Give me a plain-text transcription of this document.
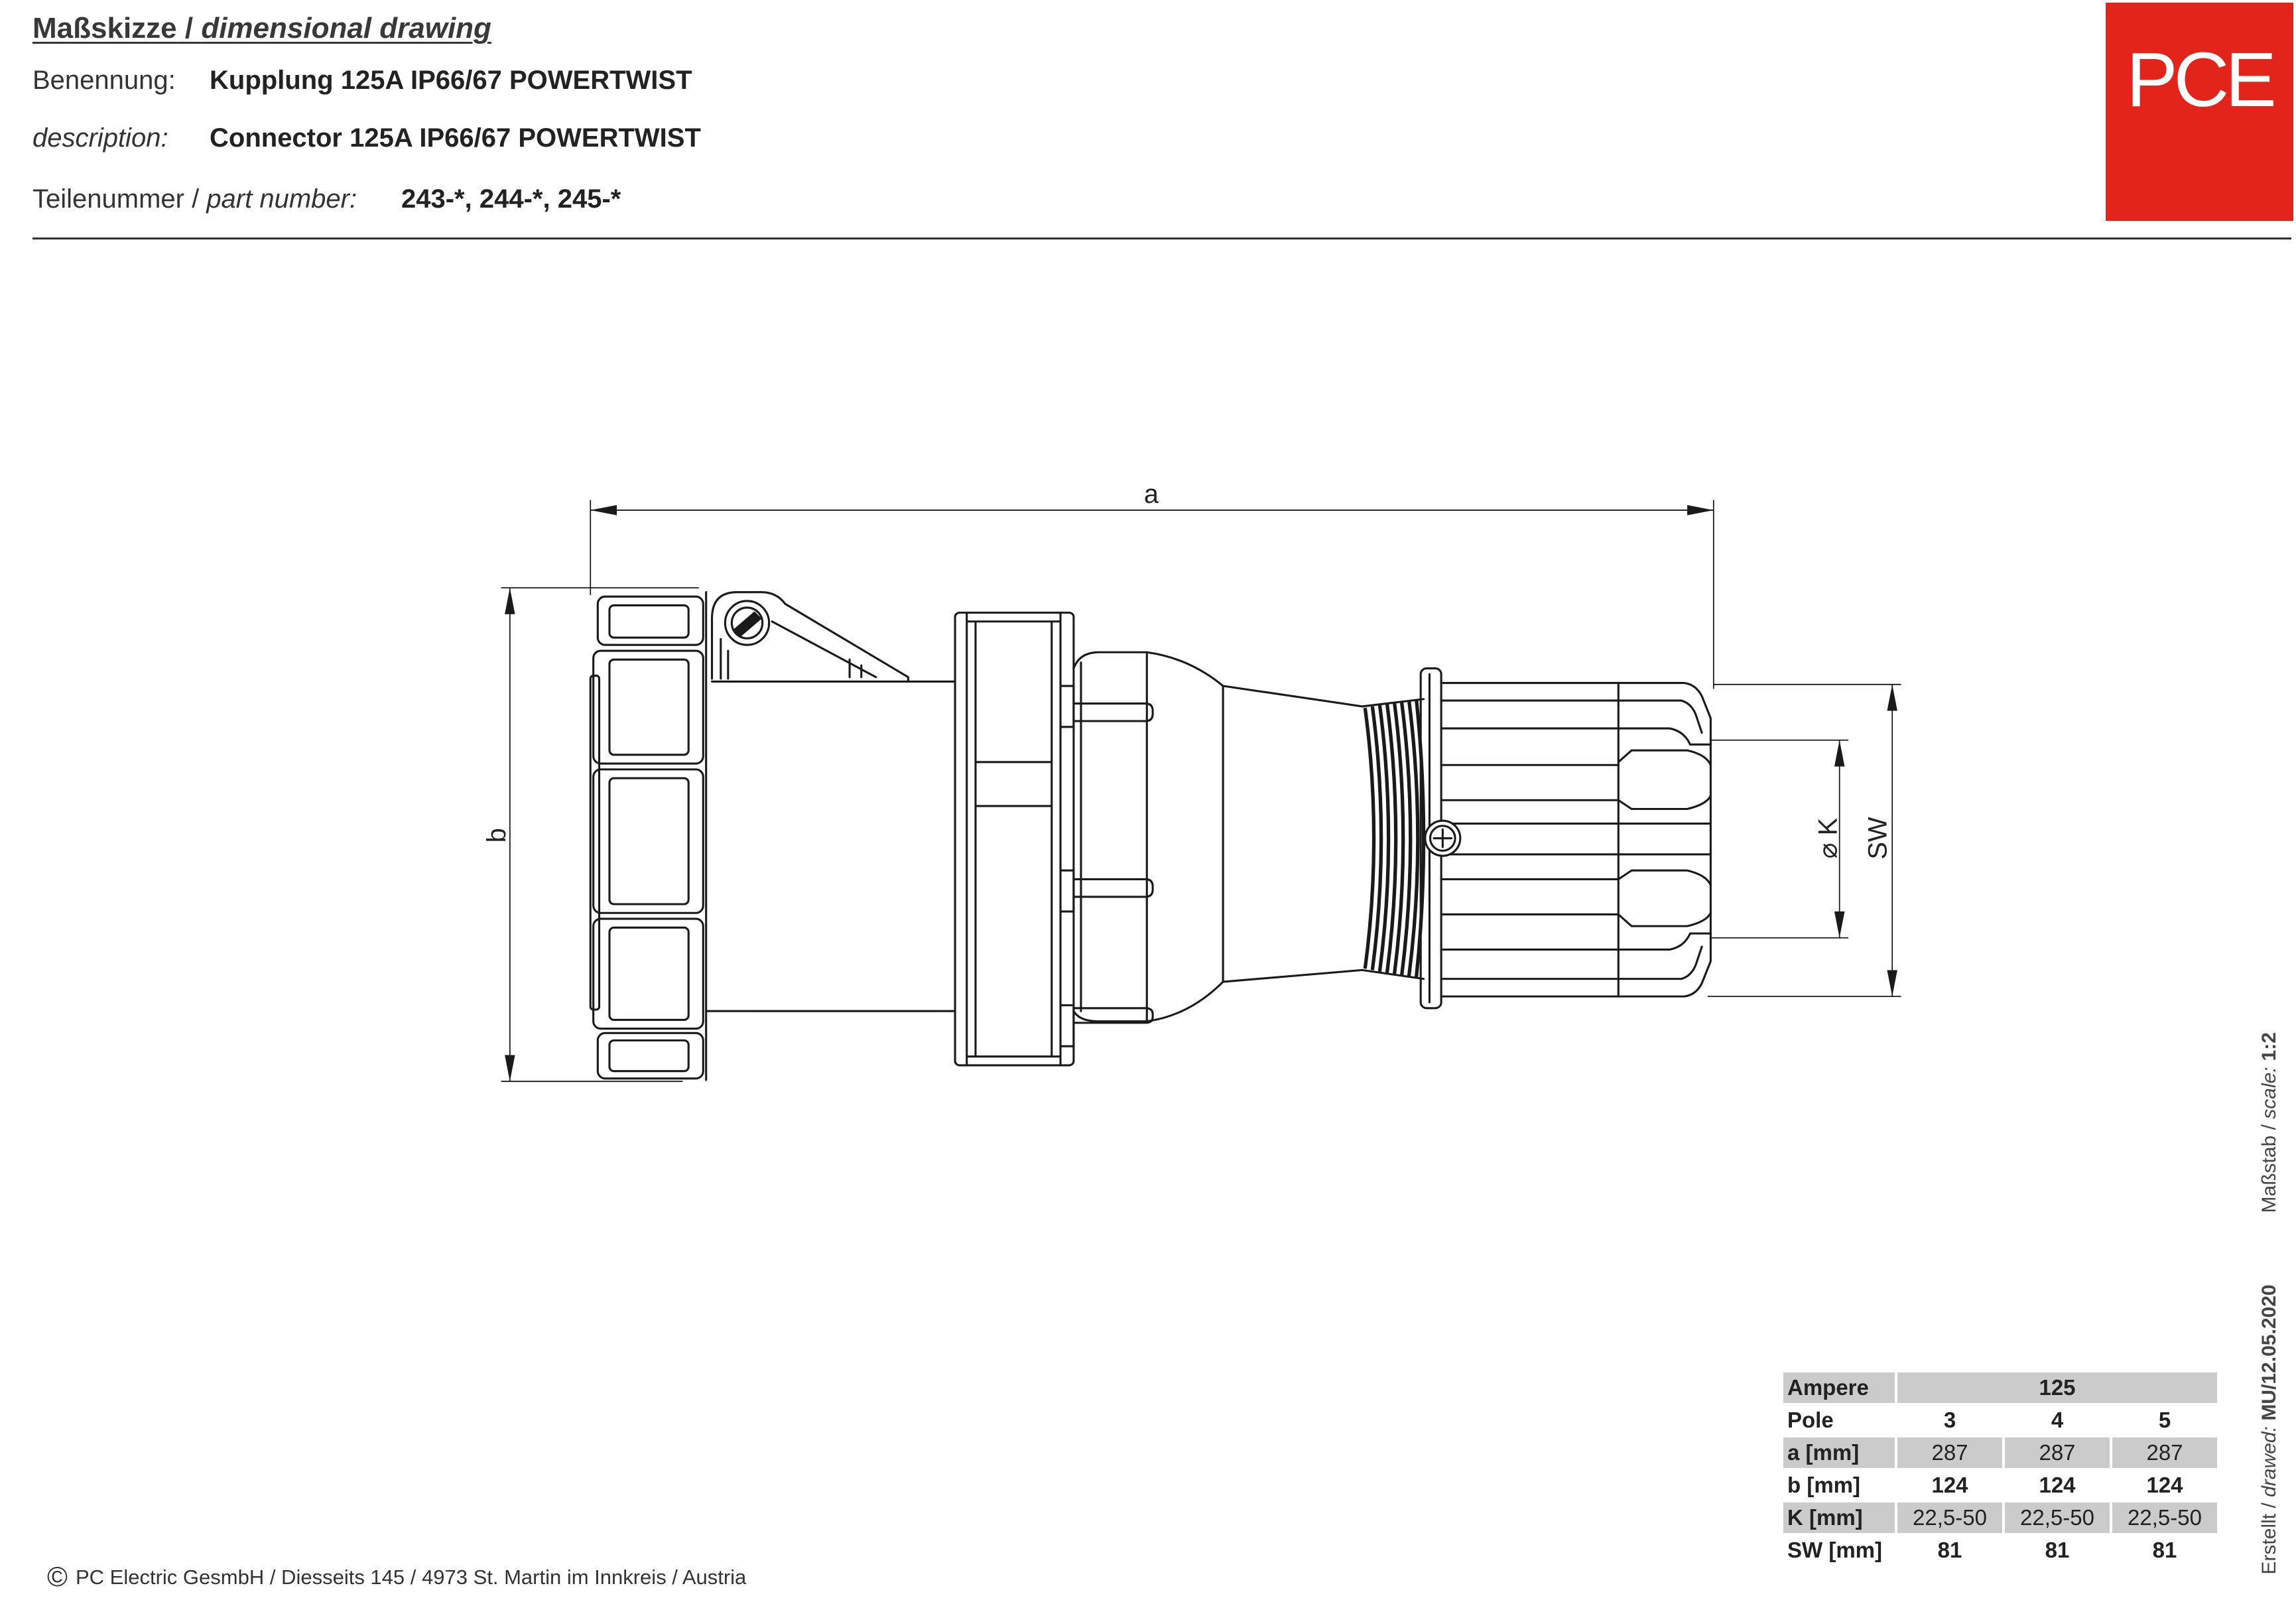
Maßskizze / dimensional drawing
Benennung: Kupplung 125A IP66/67 POWERTWIST
description: Connector 125A IP66/67 POWERTWIST
Teilenummer / part number: 243-*, 244-*, 245-*
PCE
a
b	⌀ K SW
Ampere	125		
Pole	3	4	5
a [mm]	287	287	287
b [mm]	124	124	124
K [mm]	22,5-50	22,5-50	22,5-50
SW [mm]	81	81	81
Maßstab / scale:1:2
Erstellt / drawed:MU/12.05.2020
© PC Electric GesmbH / Diesseits 145 / 4973 St. Martin im Innkreis / Austria
